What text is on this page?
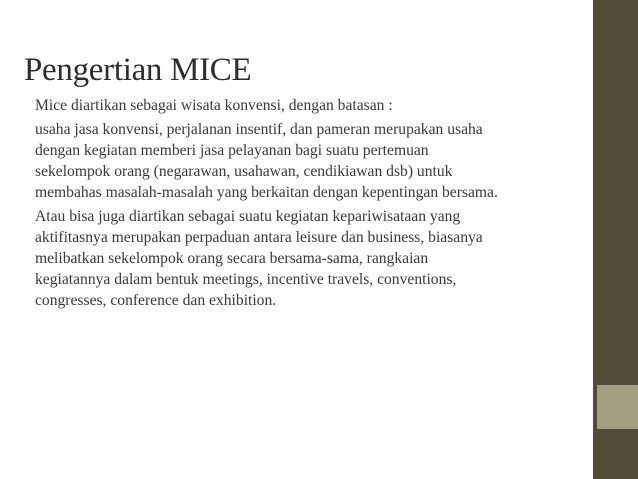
Pengertian MICE

Mice diartikan sebagai wisata konvensi, dengan batasan :

usaha jasa konvensi, perjalanan insentif, dan pameran merupakan usaha
dengan kegiatan memberi jasa pelayanan bagi suatu pertemuan
sekelompok orang (negarawan, usahawan, cendikiawan dsb) untuk
membahas masalah-masalah yang berkaitan dengan kepentingan bersama.

Atau bisa juga diartikan sebagai suatu kegiatan kepariwisataan yang
aktifitasnya merupakan perpaduan antara leisure dan business, biasanya
melibatkan sekelompok orang secara bersama-sama, rangkaian
kegiatannya dalam bentuk meetings, incentive travels, conventions,
congresses, conference dan exhibition.
